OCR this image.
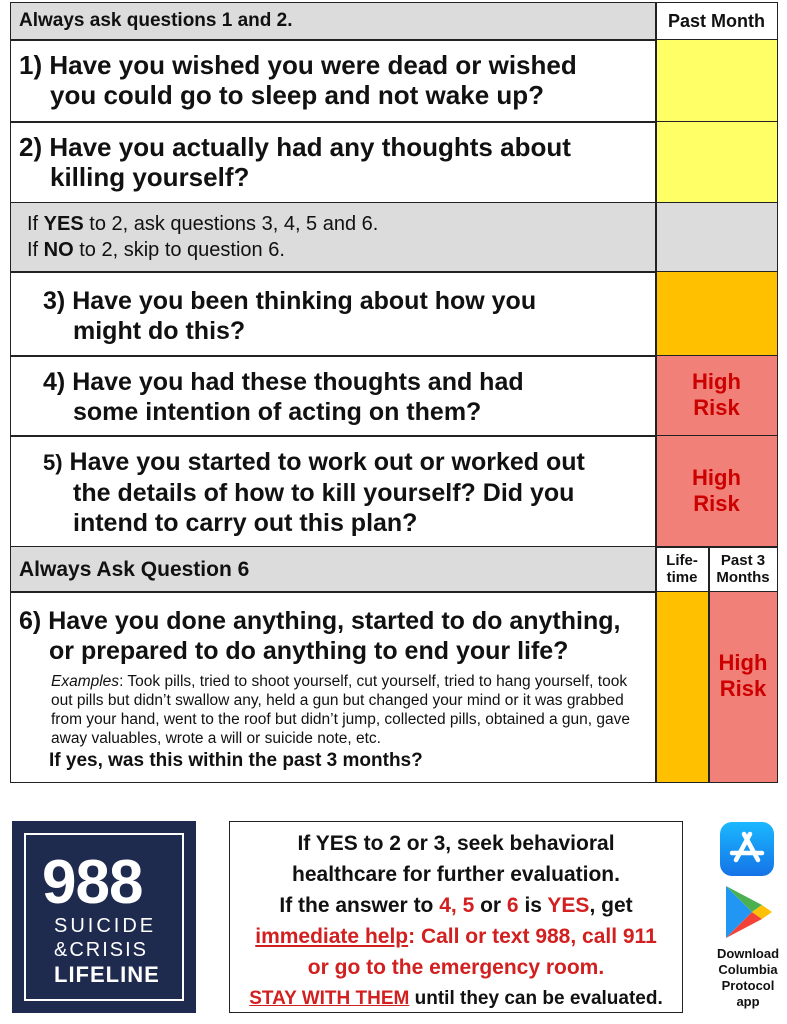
Always ask questions 1 and 2.	Past Month
1) Have you wished you were dead or wished
you could go to sleep and not wake up?
2) Have you actually had any thoughts about
killing yourself?
If YES to 2, ask questions 3, 4, 5 and 6.
If NO to 2, skip to question 6.
3) Have you been thinking about how you
might do this?
4) Have you had these thoughts and had
some intention of acting on them?
High
Risk
5) Have you started to work out or worked out
the details of how to kill yourself? Did you
intend to carry out this plan?
High
Risk
Always Ask Question 6	Life-
time
Past 3
Months
6) Have you done anything, started to do anything,
or prepared to do anything to end your life?
Examples: Took pills, tried to shoot yourself, cut yourself, tried to hang yourself, took out pills but didn’t swallow any, held a gun but changed your mind or it was grabbed from your hand, went to the roof but didn’t jump, collected pills, obtained a gun, gave away valuables, wrote a will or suicide note, etc.
If yes, was this within the past 3 months?
High
Risk
988
SUICIDE
&CRISIS
LIFELINE
If YES to 2 or 3, seek behavioral
healthcare for further evaluation.
If the answer to 4, 5 or 6 is YES, get
immediate help: Call or text 988, call 911
or go to the emergency room.
STAY WITH THEM until they can be evaluated.
Download
Columbia
Protocol
app
